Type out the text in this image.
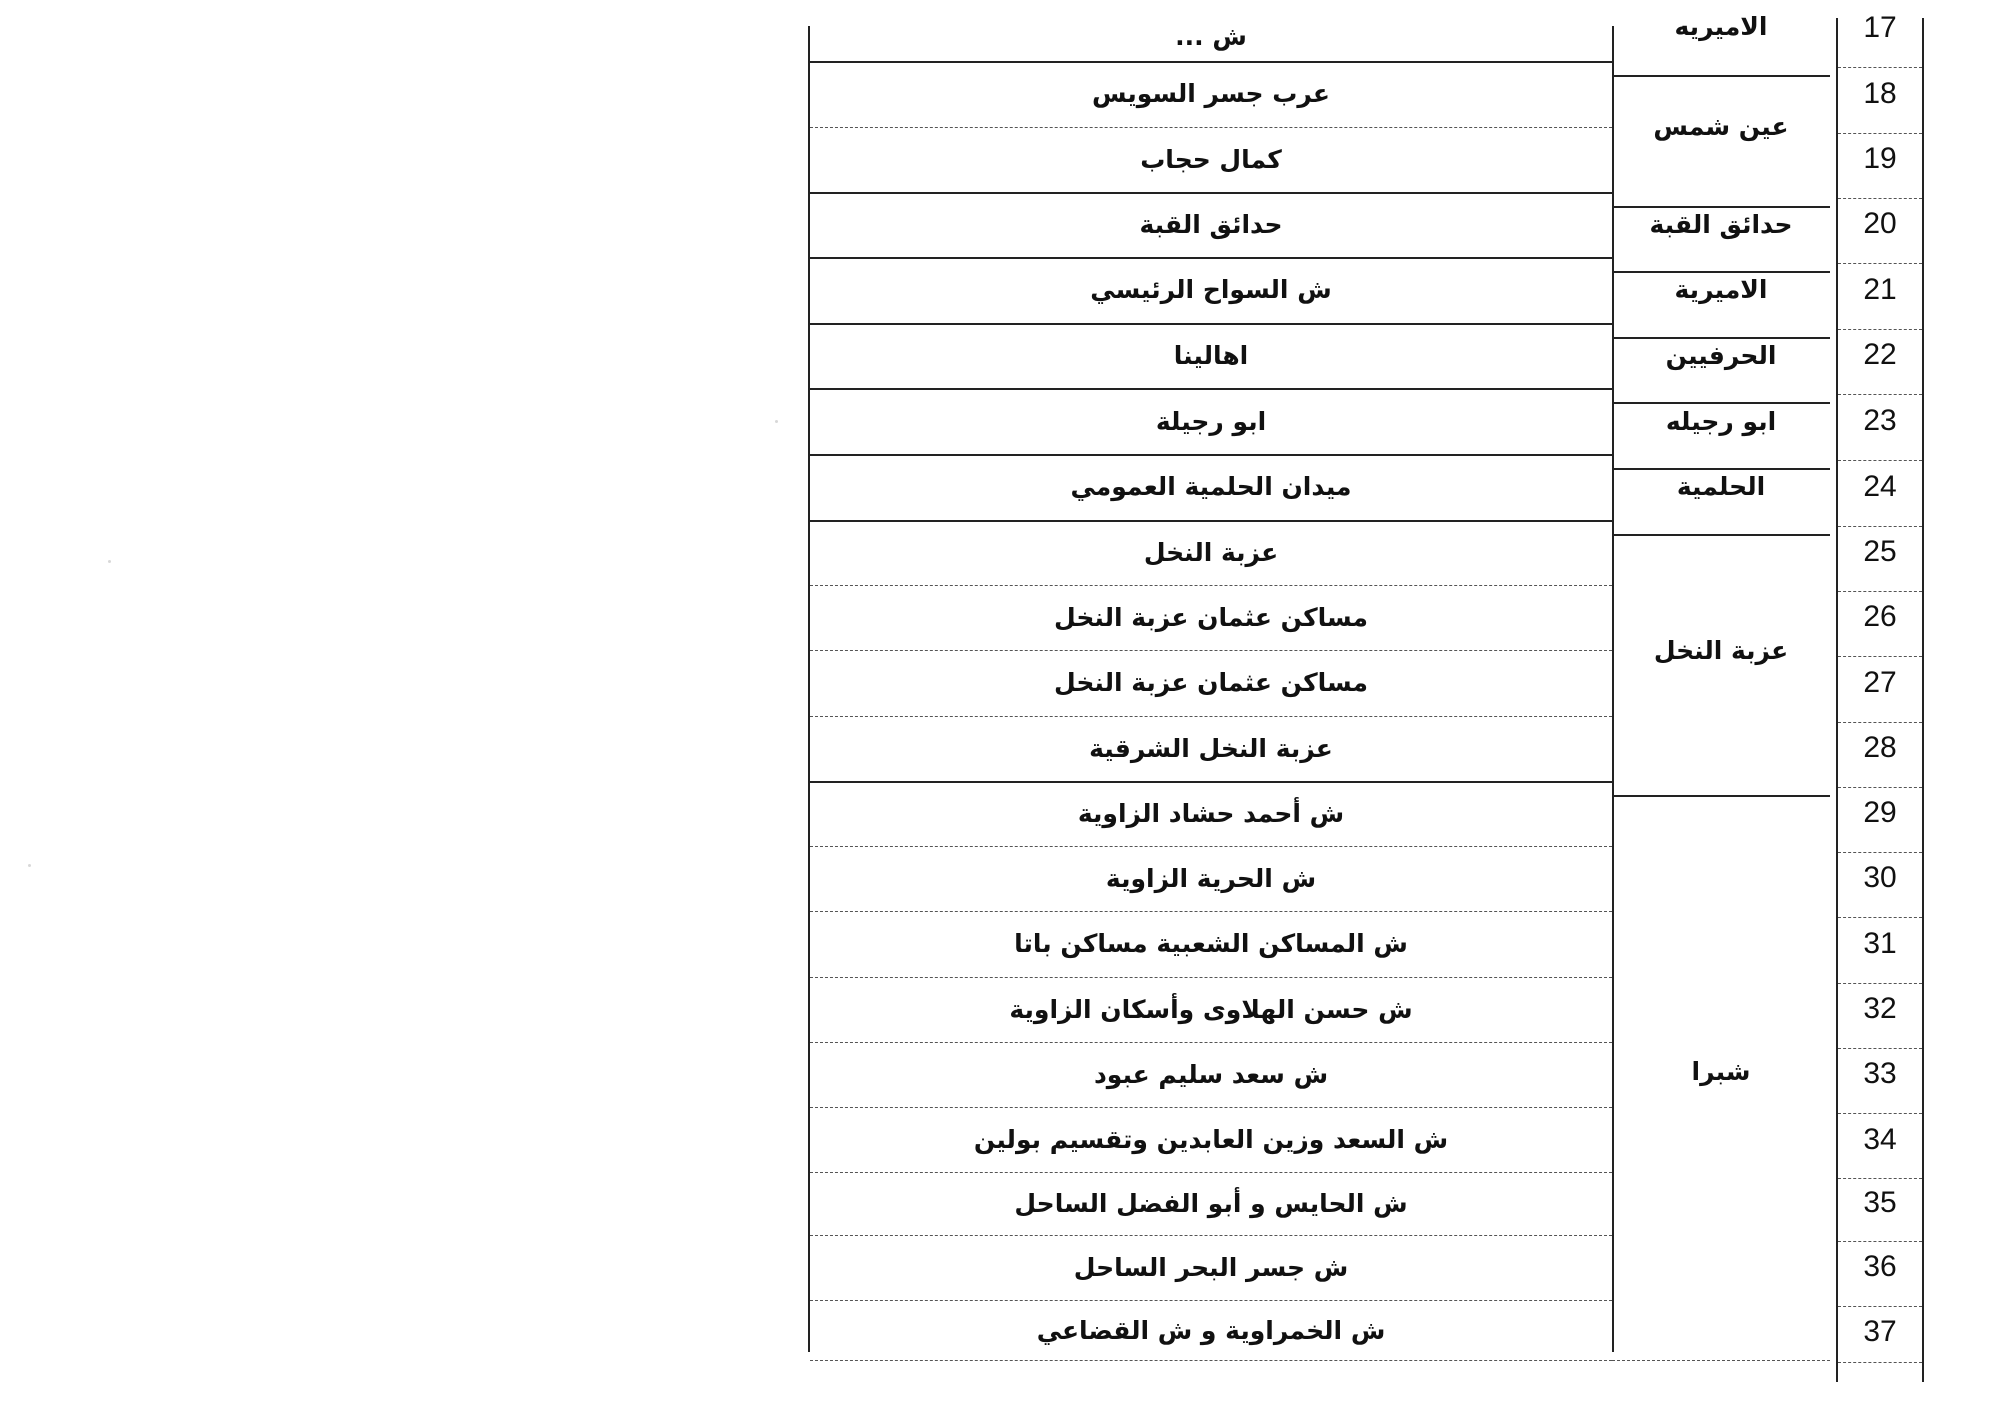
17
18
19
20
21
22
23
24
25
26
27
28
29
30
31
32
33
34
35
36
37
الاميريه
عين شمس
حدائق القبة
الاميرية
الحرفيين
ابو رجيله
الحلمية
عزبة النخل
شبرا
ش ...
عرب جسر السويس
كمال حجاب
حدائق القبة
ش السواح الرئيسي
اهالينا
ابو رجيلة
ميدان الحلمية العمومي
عزبة النخل
مساكن عثمان عزبة النخل
مساكن عثمان عزبة النخل
عزبة النخل الشرقية
ش أحمد حشاد الزاوية
ش الحرية الزاوية
ش المساكن الشعبية مساكن باتا
ش حسن الهلاوى وأسكان الزاوية
ش سعد سليم عبود
ش السعد وزين العابدين وتقسيم بولين
ش الحايس و أبو الفضل الساحل
ش جسر البحر الساحل
ش الخمراوية و ش القضاعي
